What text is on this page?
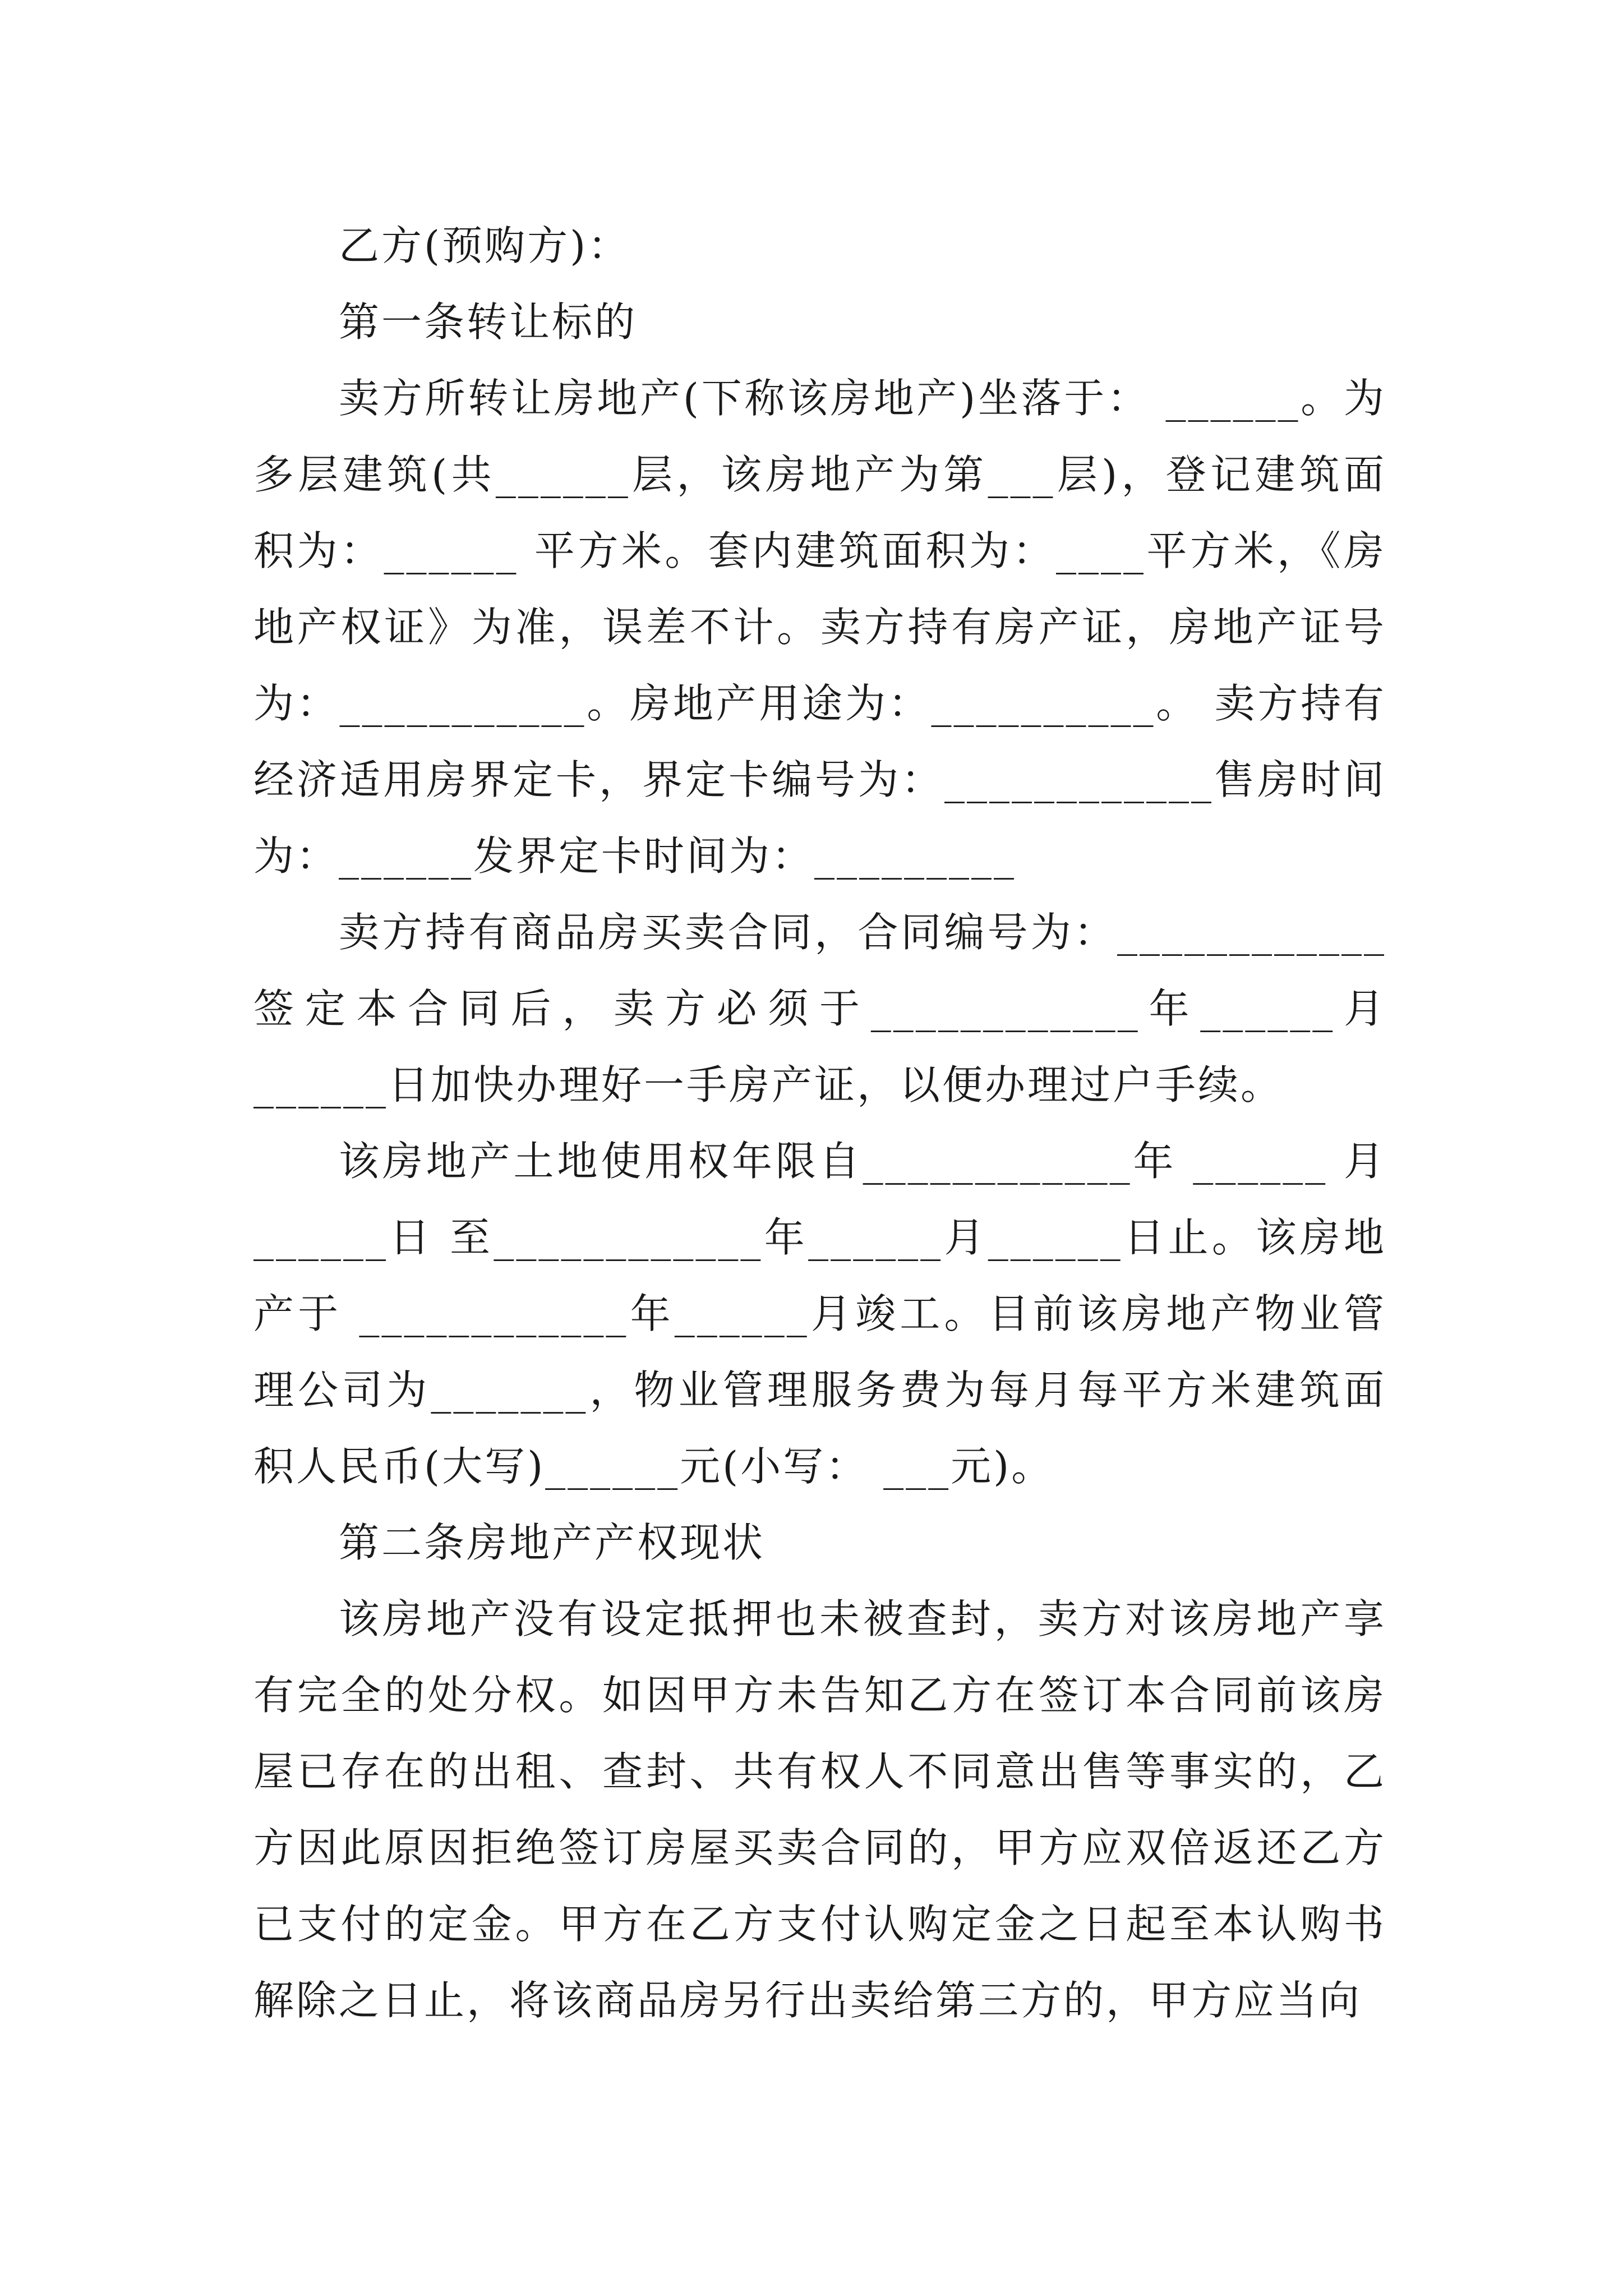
乙方(预购方)：

第一条转让标的

卖方所转让房地产(下称该房地产)坐落于： ______。为多层建筑(共______层，该房地产为第___层)，登记建筑面积为：______ 平方米。套内建筑面积为：____平方米，《房地产权证》为准，误差不计。卖方持有房产证，房地产证号为：___________。房地产用途为：__________。 卖方持有经济适用房界定卡，界定卡编号为：____________售房时间为：______发界定卡时间为：_________

卖方持有商品房买卖合同，合同编号为：____________签定本合同后，卖方必须于____________年______月______日加快办理好一手房产证，以便办理过户手续。

该房地产土地使用权年限自____________年 ______ 月______日 至____________年______月______日止。该房地产于 ____________年______月竣工。目前该房地产物业管理公司为_______，物业管理服务费为每月每平方米建筑面积人民币(大写)______元(小写： ___元)。

第二条房地产产权现状

该房地产没有设定抵押也未被查封，卖方对该房地产享有完全的处分权。如因甲方未告知乙方在签订本合同前该房屋已存在的出租、查封、共有权人不同意出售等事实的，乙方因此原因拒绝签订房屋买卖合同的，甲方应双倍返还乙方已支付的定金。甲方在乙方支付认购定金之日起至本认购书解除之日止，将该商品房另行出卖给第三方的，甲方应当向
